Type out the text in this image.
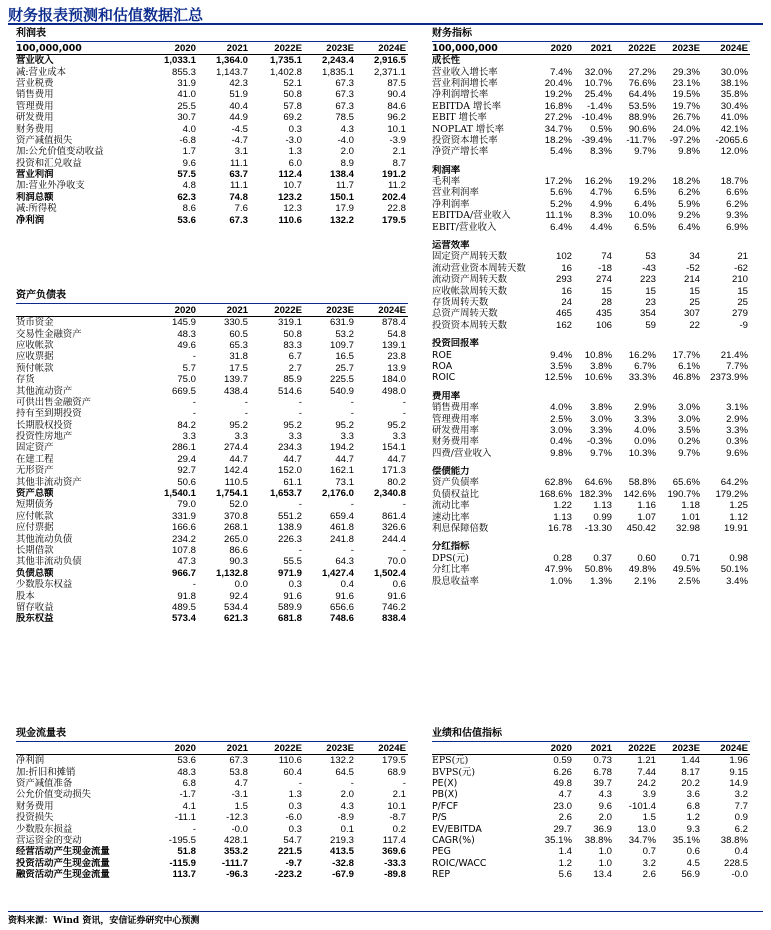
财务报表预测和估值数据汇总
利润表
100,000,000	2020	2021	2022E	2023E	2024E
营业收入	1,033.1	1,364.0	1,735.1	2,243.4	2,916.5
减:营业成本	855.3	1,143.7	1,402.8	1,835.1	2,371.1
营业税费	31.9	42.3	52.1	67.3	87.5
销售费用	41.0	51.9	50.8	67.3	90.4
管理费用	25.5	40.4	57.8	67.3	84.6
研发费用	30.7	44.9	69.2	78.5	96.2
财务费用	4.0	-4.5	0.3	4.3	10.1
资产减值损失	-6.8	-4.7	-3.0	-4.0	-3.9
加:公允价值变动收益	1.7	3.1	1.3	2.0	2.1
投资和汇兑收益	9.6	11.1	6.0	8.9	8.7
营业利润	57.5	63.7	112.4	138.4	191.2
加:营业外净收支	4.8	11.1	10.7	11.7	11.2
利润总额	62.3	74.8	123.2	150.1	202.4
减:所得税	8.6	7.6	12.3	17.9	22.8
净利润	53.6	67.3	110.6	132.2	179.5
资产负债表
	2020	2021	2022E	2023E	2024E
货币资金	145.9	330.5	319.1	631.9	878.4
交易性金融资产	48.3	60.5	50.8	53.2	54.8
应收帐款	49.6	65.3	83.3	109.7	139.1
应收票据	-	31.8	6.7	16.5	23.8
预付帐款	5.7	17.5	2.7	25.7	13.9
存货	75.0	139.7	85.9	225.5	184.0
其他流动资产	669.5	438.4	514.6	540.9	498.0
可供出售金融资产	-	-	-	-	-
持有至到期投资	-	-	-	-	-
长期股权投资	84.2	95.2	95.2	95.2	95.2
投资性房地产	3.3	3.3	3.3	3.3	3.3
固定资产	286.1	274.4	234.3	194.2	154.1
在建工程	29.4	44.7	44.7	44.7	44.7
无形资产	92.7	142.4	152.0	162.1	171.3
其他非流动资产	50.6	110.5	61.1	73.1	80.2
资产总额	1,540.1	1,754.1	1,653.7	2,176.0	2,340.8
短期债务	79.0	52.0	-	-	-
应付帐款	331.9	370.8	551.2	659.4	861.4
应付票据	166.6	268.1	138.9	461.8	326.6
其他流动负债	234.2	265.0	226.3	241.8	244.4
长期借款	107.8	86.6	-	-	-
其他非流动负债	47.3	90.3	55.5	64.3	70.0
负债总额	966.7	1,132.8	971.9	1,427.4	1,502.4
少数股东权益	-	0.0	0.3	0.4	0.6
股本	91.8	92.4	91.6	91.6	91.6
留存收益	489.5	534.4	589.9	656.6	746.2
股东权益	573.4	621.3	681.8	748.6	838.4
现金流量表
	2020	2021	2022E	2023E	2024E
净利润	53.6	67.3	110.6	132.2	179.5
加:折旧和摊销	48.3	53.8	60.4	64.5	68.9
资产减值准备	6.8	4.7	-	-	-
公允价值变动损失	-1.7	-3.1	1.3	2.0	2.1
财务费用	4.1	1.5	0.3	4.3	10.1
投资损失	-11.1	-12.3	-6.0	-8.9	-8.7
少数股东损益	-	-0.0	0.3	0.1	0.2
营运资金的变动	-195.5	428.1	54.7	219.3	117.4
经营活动产生现金流量	51.8	353.2	221.5	413.5	369.6
投资活动产生现金流量	-115.9	-111.7	-9.7	-32.8	-33.3
融资活动产生现金流量	113.7	-96.3	-223.2	-67.9	-89.8
财务指标
100,000,000	2020	2021	2022E	2023E	2024E
成长性					
营业收入增长率	7.4%	32.0%	27.2%	29.3%	30.0%
营业利润增长率	20.4%	10.7%	76.6%	23.1%	38.1%
净利润增长率	19.2%	25.4%	64.4%	19.5%	35.8%
EBITDA 增长率	16.8%	-1.4%	53.5%	19.7%	30.4%
EBIT 增长率	27.2%	-10.4%	88.9%	26.7%	41.0%
NOPLAT 增长率	34.7%	0.5%	90.6%	24.0%	42.1%
投资资本增长率	18.2%	-39.4%	-11.7%	-97.2%	-2065.6
净资产增长率	5.4%	8.3%	9.7%	9.8%	12.0%

利润率					
毛利率	17.2%	16.2%	19.2%	18.2%	18.7%
营业利润率	5.6%	4.7%	6.5%	6.2%	6.6%
净利润率	5.2%	4.9%	6.4%	5.9%	6.2%
EBITDA/营业收入	11.1%	8.3%	10.0%	9.2%	9.3%
EBIT/营业收入	6.4%	4.4%	6.5%	6.4%	6.9%

运营效率					
固定资产周转天数	102	74	53	34	21
流动营业资本周转天数	16	-18	-43	-52	-62
流动资产周转天数	293	274	223	214	210
应收帐款周转天数	16	15	15	15	15
存货周转天数	24	28	23	25	25
总资产周转天数	465	435	354	307	279
投资资本周转天数	162	106	59	22	-9

投资回报率					
ROE	9.4%	10.8%	16.2%	17.7%	21.4%
ROA	3.5%	3.8%	6.7%	6.1%	7.7%
ROIC	12.5%	10.6%	33.3%	46.8%	2373.9%

费用率					
销售费用率	4.0%	3.8%	2.9%	3.0%	3.1%
管理费用率	2.5%	3.0%	3.3%	3.0%	2.9%
研发费用率	3.0%	3.3%	4.0%	3.5%	3.3%
财务费用率	0.4%	-0.3%	0.0%	0.2%	0.3%
四费/营业收入	9.8%	9.7%	10.3%	9.7%	9.6%

偿债能力					
资产负债率	62.8%	64.6%	58.8%	65.6%	64.2%
负债权益比	168.6%	182.3%	142.6%	190.7%	179.2%
流动比率	1.22	1.13	1.16	1.18	1.25
速动比率	1.13	0.99	1.07	1.01	1.12
利息保障倍数	16.78	-13.30	450.42	32.98	19.91

分红指标					
DPS(元)	0.28	0.37	0.60	0.71	0.98
分红比率	47.9%	50.8%	49.8%	49.5%	50.1%
股息收益率	1.0%	1.3%	2.1%	2.5%	3.4%
业绩和估值指标
	2020	2021	2022E	2023E	2024E
EPS(元)	0.59	0.73	1.21	1.44	1.96
BVPS(元)	6.26	6.78	7.44	8.17	9.15
PE(X)	49.8	39.7	24.2	20.2	14.9
PB(X)	4.7	4.3	3.9	3.6	3.2
P/FCF	23.0	9.6	-101.4	6.8	7.7
P/S	2.6	2.0	1.5	1.2	0.9
EV/EBITDA	29.7	36.9	13.0	9.3	6.2
CAGR(%)	35.1%	38.8%	34.7%	35.1%	38.8%
PEG	1.4	1.0	0.7	0.6	0.4
ROIC/WACC	1.2	1.0	3.2	4.5	228.5
REP	5.6	13.4	2.6	56.9	-0.0
资料来源：Wind 资讯，安信证券研究中心预测
